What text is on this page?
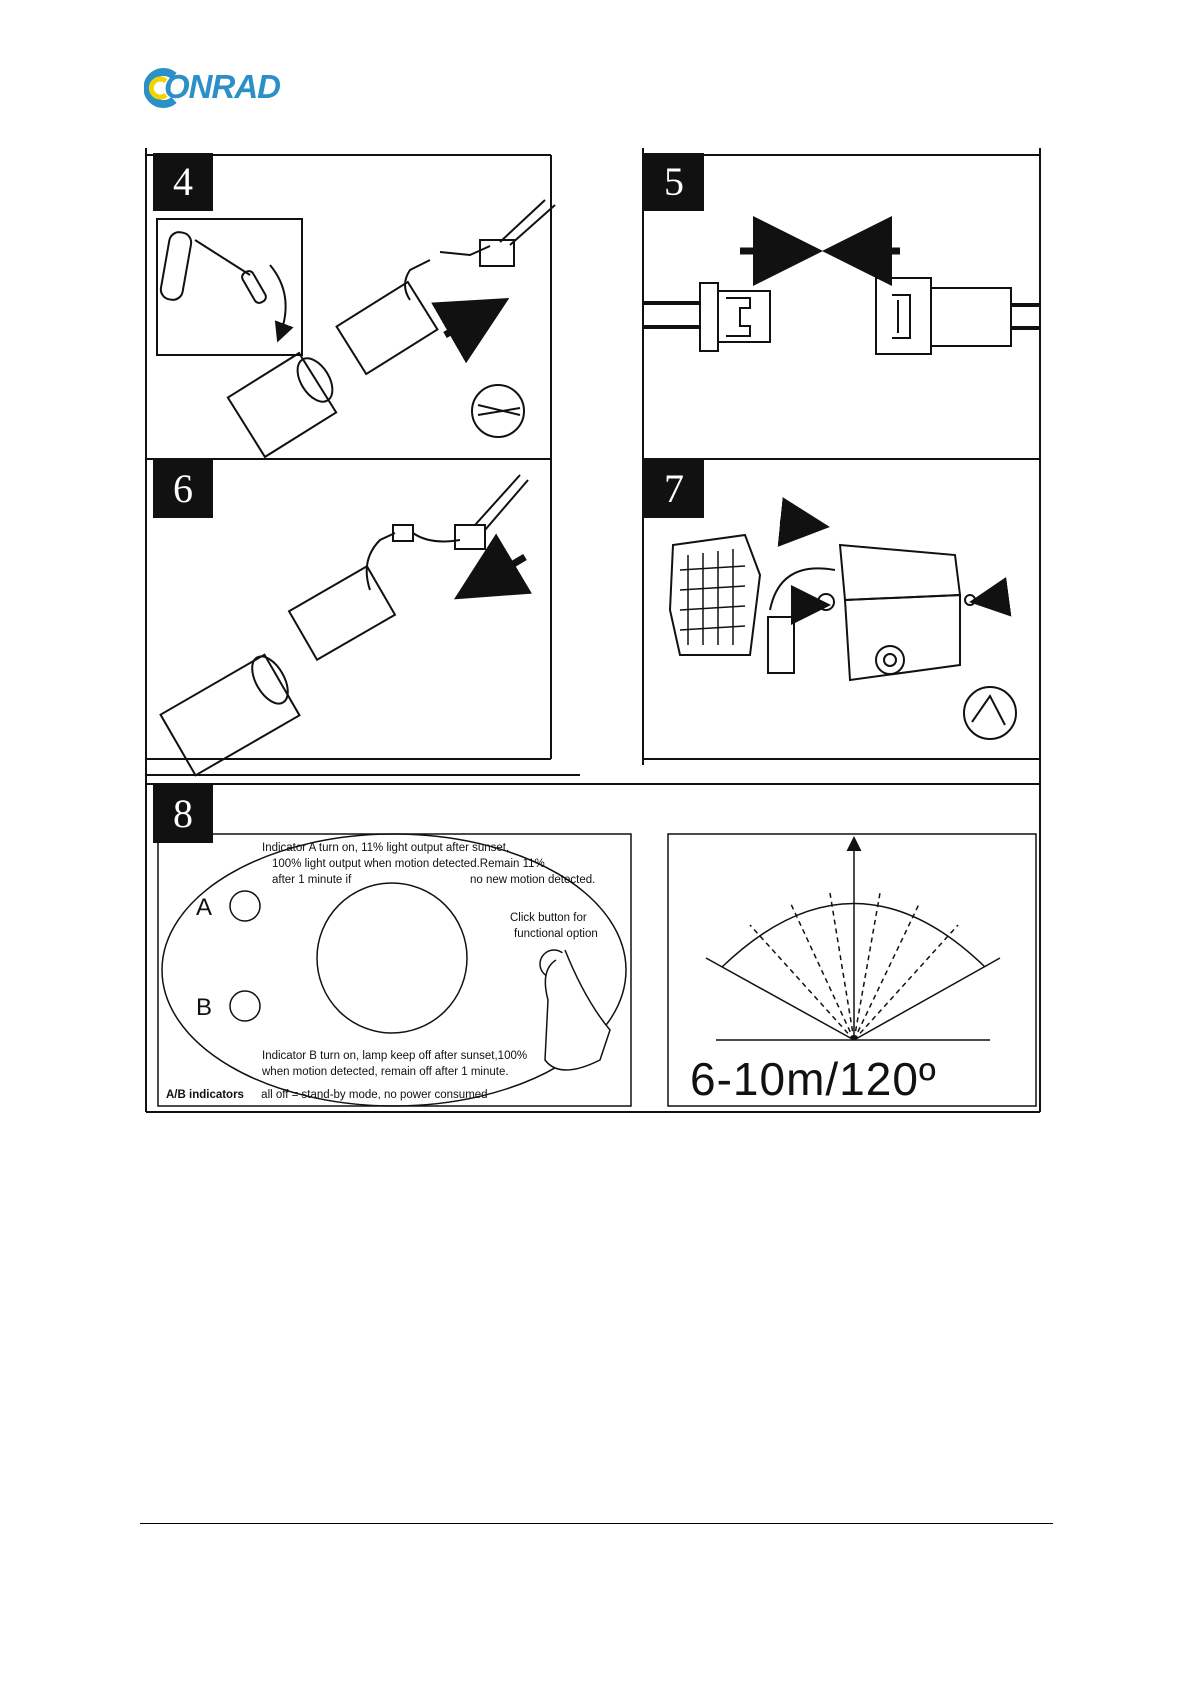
ONRAD
4	5
6	7
8
Indicator A turn on, 11% light output after sunset,
100% light output when motion detected.Remain 11%
after 1 minute if	no new motion detected.
Click button for
functional option
A
B
Indicator B turn on, lamp keep off after sunset,100%
when motion detected, remain off after 1 minute.
A/B indicators all off = stand-by mode, no power consumed	6-10m/120º
